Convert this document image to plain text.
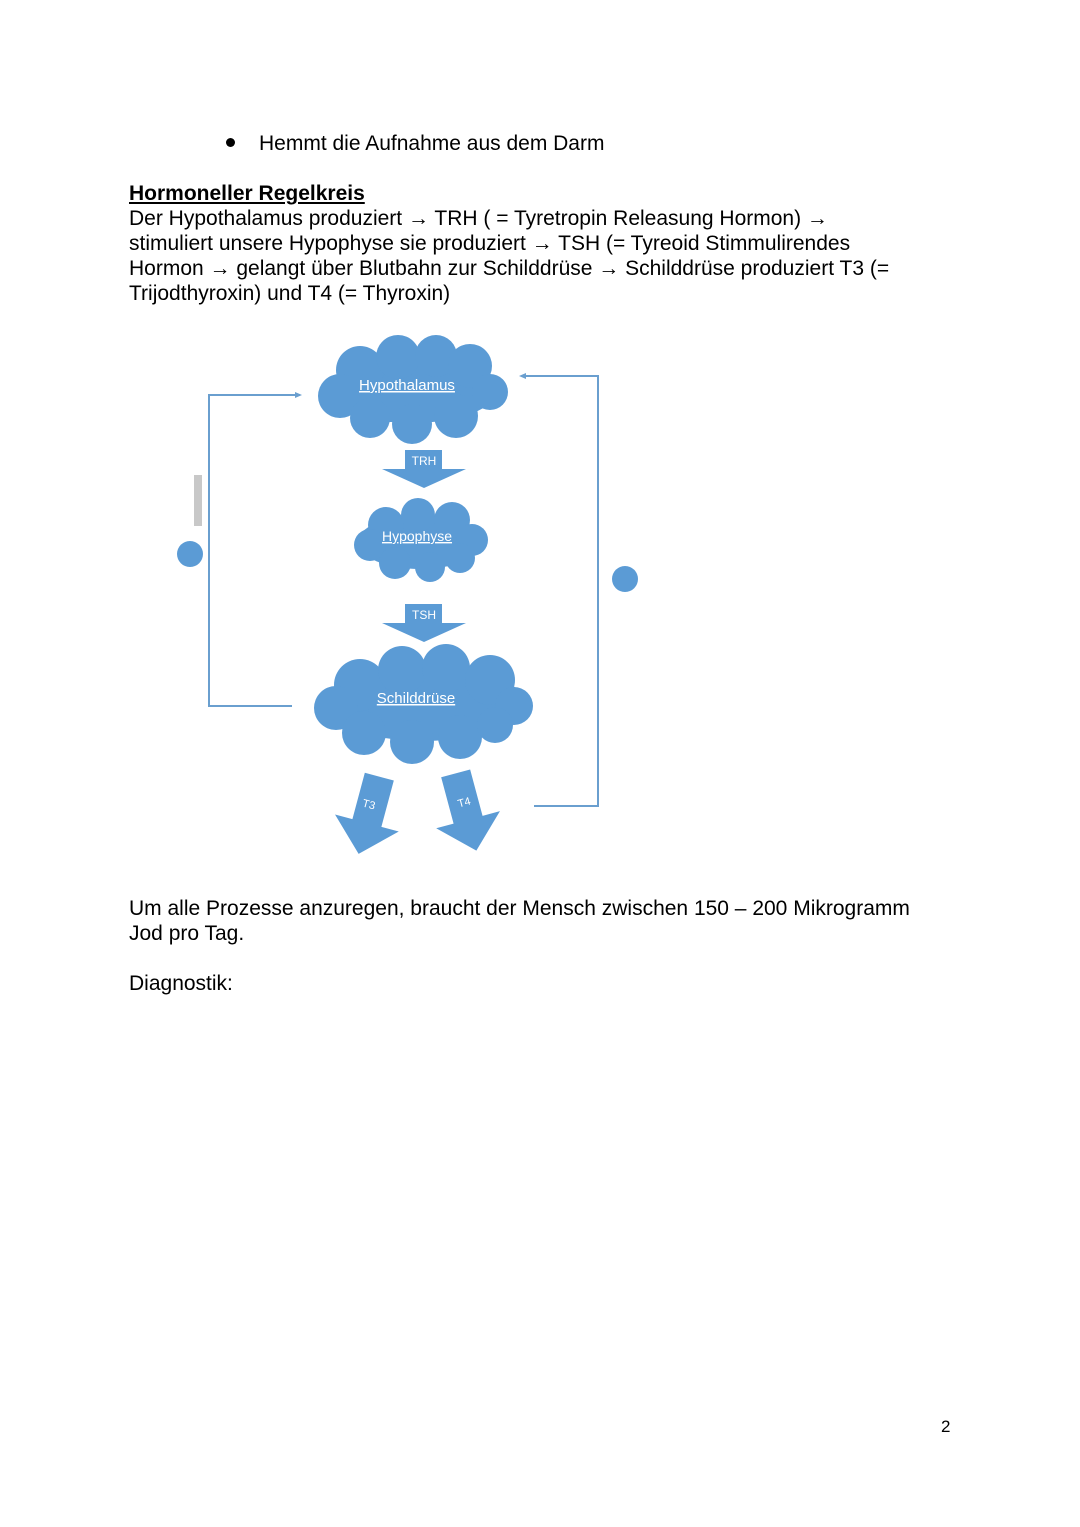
Hemmt die Aufnahme aus dem Darm
Hormoneller Regelkreis
Der Hypothalamus produziert → TRH ( = Tyretropin Releasung Hormon) →
stimuliert unsere Hypophyse sie produziert → TSH (= Tyreoid Stimmulirendes
Hormon → gelangt über Blutbahn zur Schilddrüse → Schilddrüse produziert T3 (=
Trijodthyroxin) und T4 (= Thyroxin)
Hypothalamus
TRH
Hypophyse
TSH
Schilddrüse
T3	T4
Um alle Prozesse anzuregen, braucht der Mensch zwischen 150 – 200 Mikrogramm
Jod pro Tag.
Diagnostik:
2
